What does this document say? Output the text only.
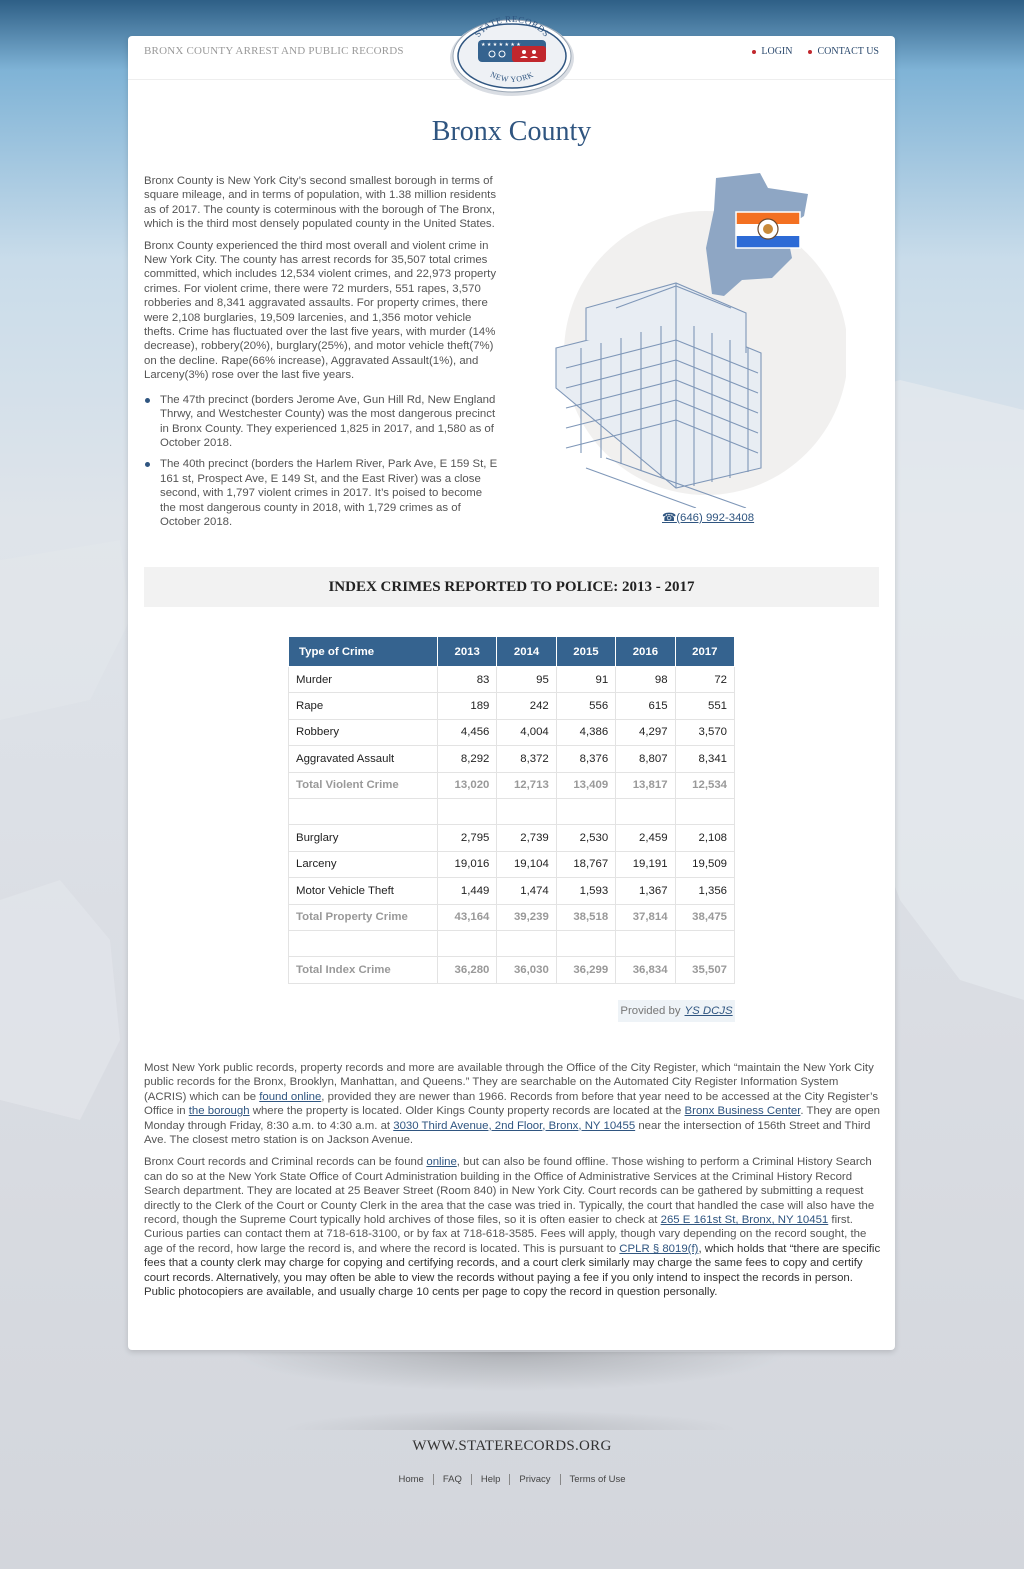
BRONX COUNTY ARREST AND PUBLIC RECORDS	LOGIN	CONTACT US
STATE RECORDS
NEW YORK
★ ★ ★ ★ ★ ★ ★
Bronx County

Bronx County is New York City’s second smallest borough in terms of square mileage, and in terms of population, with 1.38 million residents as of 2017. The county is coterminous with the borough of The Bronx, which is the third most densely populated county in the United States.

Bronx County experienced the third most overall and violent crime in New York City. The county has arrest records for 35,507 total crimes committed, which includes 12,534 violent crimes, and 22,973 property crimes. For violent crime, there were 72 murders, 551 rapes, 3,570 robberies and 8,341 aggravated assaults. For property crimes, there were 2,108 burglaries, 19,509 larcenies, and 1,356 motor vehicle thefts. Crime has fluctuated over the last five years, with murder (14% decrease), robbery(20%), burglary(25%), and motor vehicle theft(7%) on the decline. Rape(66% increase), Aggravated Assault(1%), and Larceny(3%) rose over the last five years.

The 47th precinct (borders Jerome Ave, Gun Hill Rd, New England Thrwy, and Westchester County) was the most dangerous precinct in Bronx County. They experienced 1,825 in 2017, and 1,580 as of October 2018.
The 40th precinct (borders the Harlem River, Park Ave, E 159 St, E 161 st, Prospect Ave, E 149 St, and the East River) was a close second, with 1,797 violent crimes in 2017. It’s poised to become the most dangerous county in 2018, with 1,729 crimes as of October 2018.	☎(646) 992-3408
INDEX CRIMES REPORTED TO POLICE: 2013 - 2017
Type of Crime	2013	2014	2015	2016	2017
Murder	83	95	91	98	72
Rape	189	242	556	615	551
Robbery	4,456	4,004	4,386	4,297	3,570
Aggravated Assault	8,292	8,372	8,376	8,807	8,341
Total Violent Crime	13,020	12,713	13,409	13,817	12,534

Burglary	2,795	2,739	2,530	2,459	2,108
Larceny	19,016	19,104	18,767	19,191	19,509
Motor Vehicle Theft	1,449	1,474	1,593	1,367	1,356
Total Property Crime	43,164	39,239	38,518	37,814	38,475

Total Index Crime	36,280	36,030	36,299	36,834	35,507
Provided by YS DCJS

Most New York public records, property records and more are available through the Office of the City Register, which “maintain the New York City public records for the Bronx, Brooklyn, Manhattan, and Queens.” They are searchable on the Automated City Register Information System (ACRIS) which can be found online, provided they are newer than 1966. Records from before that year need to be accessed at the City Register’s Office in the borough where the property is located. Older Kings County property records are located at the Bronx Business Center. They are open Monday through Friday, 8:30 a.m. to 4:30 a.m. at 3030 Third Avenue, 2nd Floor, Bronx, NY 10455 near the intersection of 156th Street and Third Ave. The closest metro station is on Jackson Avenue.

Bronx Court records and Criminal records can be found online, but can also be found offline. Those wishing to perform a Criminal History Search can do so at the New York State Office of Court Administration building in the Office of Administrative Services at the Criminal History Record Search department. They are located at 25 Beaver Street (Room 840) in New York City. Court records can be gathered by submitting a request directly to the Clerk of the Court or County Clerk in the area that the case was tried in. Typically, the court that handled the case will also have the record, though the Supreme Court typically hold archives of those files, so it is often easier to check at 265 E 161st St, Bronx, NY 10451 first. Curious parties can contact them at 718-618-3100, or by fax at 718-618-3585. Fees will apply, though vary depending on the record sought, the age of the record, how large the record is, and where the record is located. This is pursuant to CPLR § 8019(f), which holds that “there are specific fees that a county clerk may charge for copying and certifying records, and a court clerk similarly may charge the same fees to copy and certify court records. Alternatively, you may often be able to view the records without paying a fee if you only intend to inspect the records in person. Public photocopiers are available, and usually charge 10 cents per page to copy the record in question personally.

WWW.STATERECORDS.ORG
Home	FAQ	Help	Privacy	Terms of Use
